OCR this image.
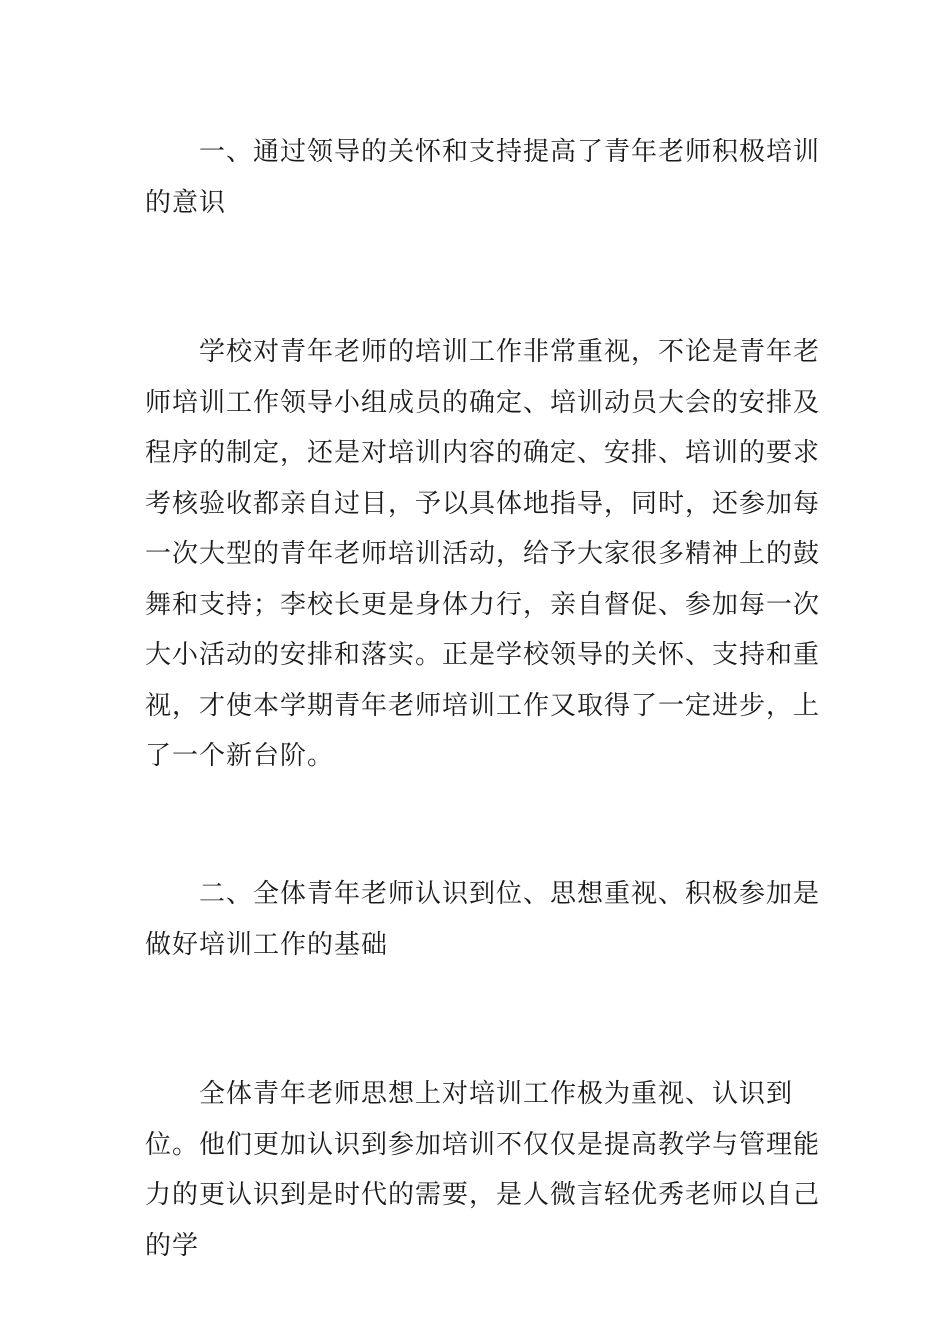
一、通过领导的关怀和支持提高了青年老师积极培训的意识

学校对青年老师的培训工作非常重视，不论是青年老师培训工作领导小组成员的确定、培训动员大会的安排及程序的制定，还是对培训内容的确定、安排、培训的要求考核验收都亲自过目，予以具体地指导，同时，还参加每一次大型的青年老师培训活动，给予大家很多精神上的鼓舞和支持；李校长更是身体力行，亲自督促、参加每一次大小活动的安排和落实。正是学校领导的关怀、支持和重视，才使本学期青年老师培训工作又取得了一定进步，上了一个新台阶。

二、全体青年老师认识到位、思想重视、积极参加是做好培训工作的基础

全体青年老师思想上对培训工作极为重视、认识到位。他们更加认识到参加培训不仅仅是提高教学与管理能力的更认识到是时代的需要，是人微言轻优秀老师以自己的学
